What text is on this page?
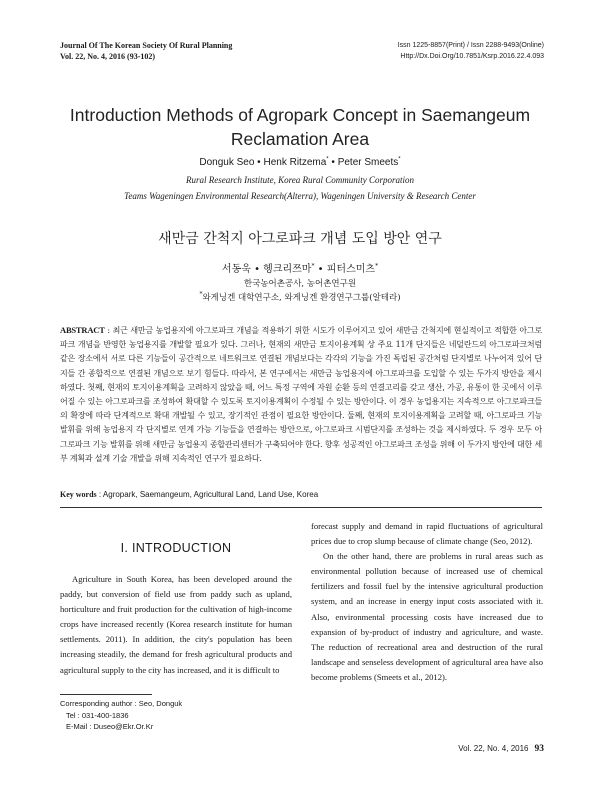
Journal Of The Korean Society Of Rural Planning
Vol. 22, No. 4, 2016 (93-102)
Issn 1225-8857(Print) / Issn 2288-9493(Online)
Http://Dx.Doi.Org/10.7851/Ksrp.2016.22.4.093
Introduction Methods of Agropark Concept in Saemangeum
Reclamation Area
Donguk Seo • Henk Ritzema* • Peter Smeets*
Rural Research Institute, Korea Rural Community Corporation
Teams Wageningen Environmental Research(Alterra), Wageningen University & Research Center
새만금 간척지 아그로파크 개념 도입 방안 연구
서동욱 • 헹크리쯔마* • 피터스미츠*
한국농어촌공사, 농어촌연구원
*와게닝겐 대학연구소, 와게닝겐 환경연구그룹(알테라)
ABSTRACT : 최근 새만금 농업용지에 아그로파크 개념을 적용하기 위한 시도가 이루어지고 있어 새만금 간척지에 현실적이고 적합한 아그로파크 개념을 반영한 농업용지를 개발할 필요가 있다. 그러나, 현재의 새만금 토지이용계획 상 주요 11개 단지들은 네덜란드의 아그로파크처럼 같은 장소에서 서로 다른 기능들이 공간적으로 네트워크로 연결된 개념보다는 각각의 기능을 가진 독립된 공간처럼 단지별로 나누어져 있어 단지들 간 종합적으로 연결된 개념으로 보기 힘들다. 따라서, 본 연구에서는 새만금 농업용지에 아그로파크를 도입할 수 있는 두가지 방안을 제시하였다. 첫째, 현재의 토지이용계획을 고려하지 않았을 때, 어느 특정 구역에 자원 순환 등의 연결고리를 갖고 생산, 가공, 유통이 한 곳에서 이루어질 수 있는 아그로파크를 조성하여 확대할 수 있도록 토지이용계획이 수정될 수 있는 방안이다. 이 경우 농업용지는 지속적으로 아그로파크들의 확장에 따라 단계적으로 확대 개발될 수 있고, 장기적인 관점이 필요한 방안이다. 둘째, 현재의 토지이용계획을 고려할 때, 아그로파크 기능 발휘를 위해 농업용지 각 단지별로 연계 가능 기능들을 연결하는 방안으로, 아그로파크 시범단지를 조성하는 것을 제시하였다. 두 경우 모두 아그로파크 기능 발휘를 위해 새만금 농업용지 종합관리센터가 구축되어야 한다. 향후 성공적인 아그로파크 조성을 위해 이 두가지 방안에 대한 세부 계획과 설계 기술 개발을 위해 지속적인 연구가 필요하다.
Key words : Agropark, Saemangeum, Agricultural Land, Land Use, Korea
I. INTRODUCTION

Agriculture in South Korea, has been developed around the paddy, but conversion of field use from paddy such as upland, horticulture and fruit production for the cultivation of high-income crops have increased recently (Korea research institute for human settlements. 2011). In addition, the city's population has been increasing steadily, the demand for fresh agricultural products and agricultural supply to the city has increased, and it is difficult to

forecast supply and demand in rapid fluctuations of agricultural prices due to crop slump because of climate change (Seo, 2012).

On the other hand, there are problems in rural areas such as environmental pollution because of increased use of chemical fertilizers and fossil fuel by the intensive agricultural production system, and an increase in energy input costs associated with it. Also, environmental processing costs have increased due to expansion of by-product of industry and agriculture, and waste. The reduction of recreational area and destruction of the rural landscape and senseless development of agricultural area have also become problems (Smeets et al., 2012).

Corresponding author : Seo, Donguk
Tel : 031-400-1836
E-Mail : Duseo@Ekr.Or.Kr
Vol. 22, No. 4, 2016 93
